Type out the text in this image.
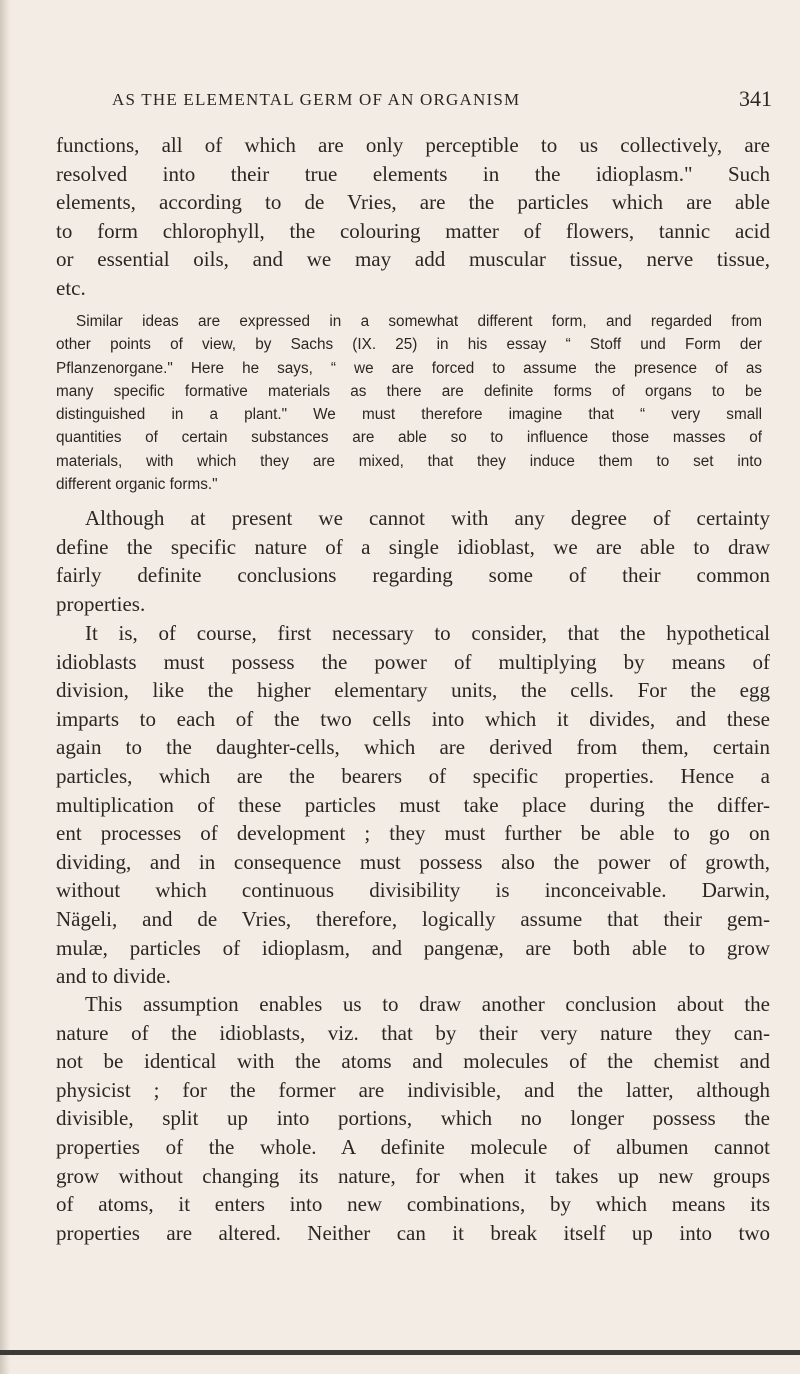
AS THE ELEMENTAL GERM OF AN ORGANISM	341
functions, all of which are only perceptible to us collectively, are
resolved into their true elements in the idioplasm." Such
elements, according to de Vries, are the particles which are able
to form chlorophyll, the colouring matter of flowers, tannic acid
or essential oils, and we may add muscular tissue, nerve tissue,
etc.
Similar ideas are expressed in a somewhat different form, and regarded from
other points of view, by Sachs (IX. 25) in his essay “ Stoff und Form der
Pflanzenorgane." Here he says, “ we are forced to assume the presence of as
many specific formative materials as there are definite forms of organs to be
distinguished in a plant." We must therefore imagine that “ very small
quantities of certain substances are able so to influence those masses of
materials, with which they are mixed, that they induce them to set into
different organic forms."
Although at present we cannot with any degree of certainty
define the specific nature of a single idioblast, we are able to draw
fairly definite conclusions regarding some of their common
properties.
It is, of course, first necessary to consider, that the hypothetical
idioblasts must possess the power of multiplying by means of
division, like the higher elementary units, the cells. For the egg
imparts to each of the two cells into which it divides, and these
again to the daughter-cells, which are derived from them, certain
particles, which are the bearers of specific properties. Hence a
multiplication of these particles must take place during the differ-
ent processes of development ; they must further be able to go on
dividing, and in consequence must possess also the power of growth,
without which continuous divisibility is inconceivable. Darwin,
Nägeli, and de Vries, therefore, logically assume that their gem-
mulæ, particles of idioplasm, and pangenæ, are both able to grow
and to divide.
This assumption enables us to draw another conclusion about the
nature of the idioblasts, viz. that by their very nature they can-
not be identical with the atoms and molecules of the chemist and
physicist ; for the former are indivisible, and the latter, although
divisible, split up into portions, which no longer possess the
properties of the whole. A definite molecule of albumen cannot
grow without changing its nature, for when it takes up new groups
of atoms, it enters into new combinations, by which means its
properties are altered. Neither can it break itself up into two
